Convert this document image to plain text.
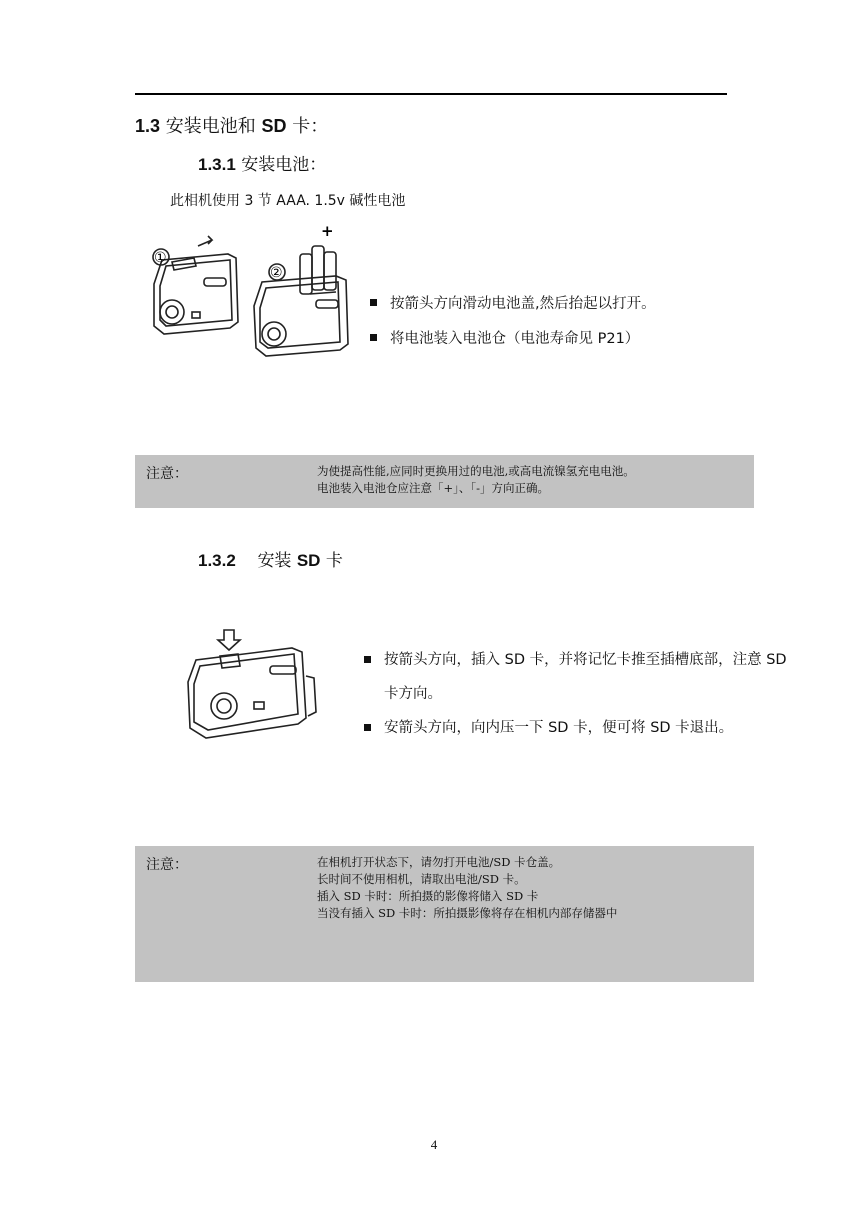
1.3 安装电池和 SD 卡：
1.3.1 安装电池：
此相机使用 3 节 AAA. 1.5v 碱性电池
①
②
+
按箭头方向滑动电池盖,然后抬起以打开。
将电池装入电池仓（电池寿命见 P21）
注意：	为使提高性能,应同时更换用过的电池,或高电流镍氢充电电池。
电池装入电池仓应注意「+」、「-」方向正确。
1.3.2 安装 SD 卡
按箭头方向，插入 SD 卡，并将记忆卡推至插槽底部，注意 SD 卡方向。
安箭头方向，向内压一下 SD 卡，便可将 SD 卡退出。
注意：	在相机打开状态下，请勿打开电池/SD 卡仓盖。
长时间不使用相机，请取出电池/SD 卡。
插入 SD 卡时：所拍摄的影像将储入 SD 卡
当没有插入 SD 卡时：所拍摄影像将存在相机内部存储器中
4
